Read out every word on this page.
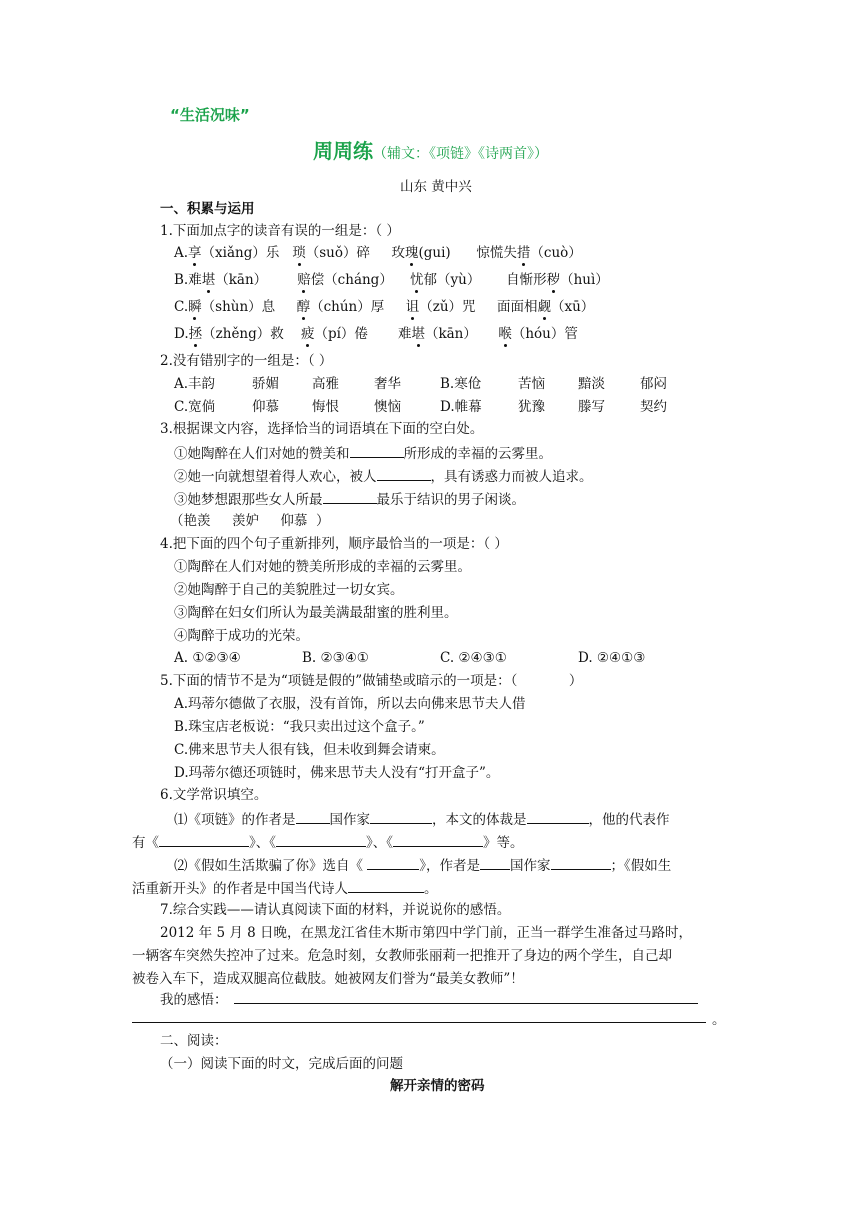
“生活况味”
周周练（辅文：《项链》《诗两首》）
山东 黄中兴
一、积累与运用
1.下面加点字的读音有误的一组是：（ ）
A.享（xiǎng）乐   琐（suǒ）碎     玫瑰(gui)      惊慌失措（cuò）
B.难堪（kān）       赔偿（cháng）    忧郁（yù）      自惭形秽（huì）
C.瞬（shùn）息     醇（chún）厚     诅（zǔ）咒     面面相觑（xū）
D.拯（zhěng）救    疲（pí）倦       难堪（kān）     喉（hóu）管
2.没有错别字的一组是：（ ）
A.丰韵	骄媚 高雅	奢华	B.寒伧	苦恼 黯淡	郁闷
C.宽倘	仰慕 悔恨	懊恼	D.帷幕	犹豫 滕写	契约
3.根据课文内容，选择恰当的词语填在下面的空白处。
①她陶醉在人们对她的赞美和	所形成的幸福的云雾里。
②她一向就想望着得人欢心，被人	，具有诱惑力而被人追求。
③她梦想跟那些女人所最	最乐于结识的男子闲谈。
（艳羡     羡妒     仰慕  ）
4.把下面的四个句子重新排列，顺序最恰当的一项是：（ ）
①陶醉在人们对她的赞美所形成的幸福的云雾里。
②她陶醉于自己的美貌胜过一切女宾。
③陶醉在妇女们所认为最美满最甜蜜的胜利里。
④陶醉于成功的光荣。
A. ①②③④	B. ②③④①	C. ②④③①	D. ②④①③
5.下面的情节不是为“项链是假的”做铺垫或暗示的一项是：（            ）
A.玛蒂尔德做了衣服，没有首饰，所以去向佛来思节夫人借
B.珠宝店老板说：“我只卖出过这个盒子。”
C.佛来思节夫人很有钱，但未收到舞会请柬。
D.玛蒂尔德还项链时，佛来思节夫人没有“打开盒子”。
6.文学常识填空。
⑴《项链》的作者是	国作家	，本文的体裁是	，他的代表作
有《	》、《	》、《	》等。
⑵《假如生活欺骗了你》选自《	》，作者是 国作家	；《假如生
活重新开头》的作者是中国当代诗人	。
7.综合实践——请认真阅读下面的材料，并说说你的感悟。
2012 年 5 月 8 日晚，在黑龙江省佳木斯市第四中学门前，正当一群学生准备过马路时，
一辆客车突然失控冲了过来。危急时刻，女教师张丽莉一把推开了身边的两个学生，自己却
被卷入车下，造成双腿高位截肢。她被网友们誉为“最美女教师”！
我的感悟：
。
二、阅读：
（一）阅读下面的时文，完成后面的问题
解开亲情的密码
